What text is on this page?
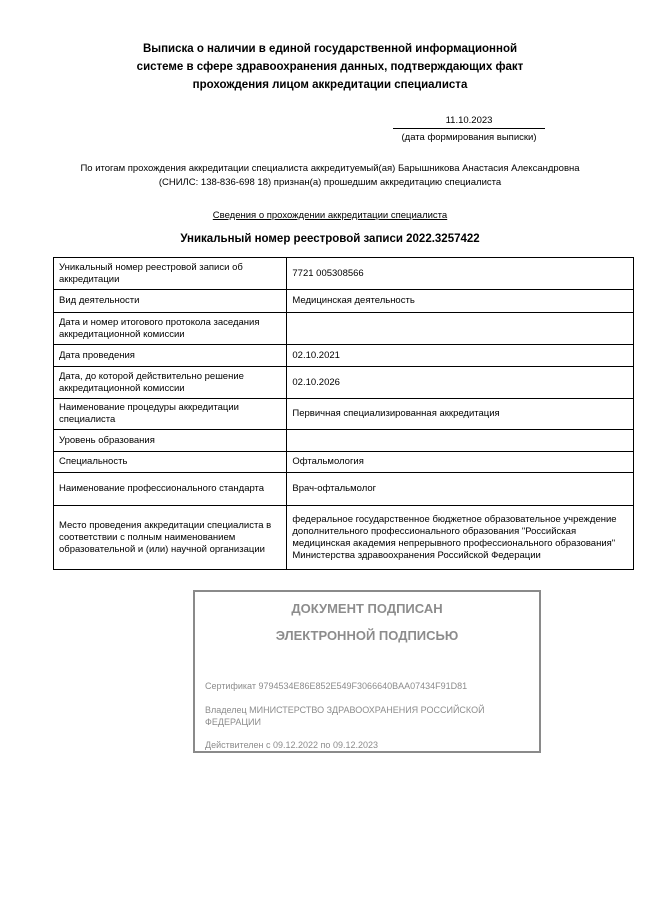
Выписка о наличии в единой государственной информационной
системе в сфере здравоохранения данных, подтверждающих факт
прохождения лицом аккредитации специалиста
11.10.2023
(дата формирования выписки)
По итогам прохождения аккредитации специалиста аккредитуемый(ая) Барышникова Анастасия Александровна
(СНИЛС: 138-836-698 18) признан(а) прошедшим аккредитацию специалиста
Сведения о прохождении аккредитации специалиста
Уникальный номер реестровой записи 2022.3257422
Уникальный номер реестровой записи об аккредитации	7721 005308566
Вид деятельности	Медицинская деятельность
Дата и номер итогового протокола заседания аккредитационной комиссии	
Дата проведения	02.10.2021
Дата, до которой действительно решение аккредитационной комиссии	02.10.2026
Наименование процедуры аккредитации специалиста	Первичная специализированная аккредитация
Уровень образования	
Специальность	Офтальмология
Наименование профессионального стандарта	Врач-офтальмолог
Место проведения аккредитации специалиста в соответствии с полным наименованием образовательной и (или) научной организации	федеральное государственное бюджетное образовательное учреждение дополнительного профессионального образования "Российская медицинская академия непрерывного профессионального образования" Министерства здравоохранения Российской Федерации
ДОКУМЕНТ ПОДПИСАН
ЭЛЕКТРОННОЙ ПОДПИСЬЮ
Сертификат 9794534E86E852E549F3066640BAA07434F91D81
Владелец МИНИСТЕРСТВО ЗДРАВООХРАНЕНИЯ РОССИЙСКОЙ ФЕДЕРАЦИИ
Действителен с 09.12.2022 по 09.12.2023
